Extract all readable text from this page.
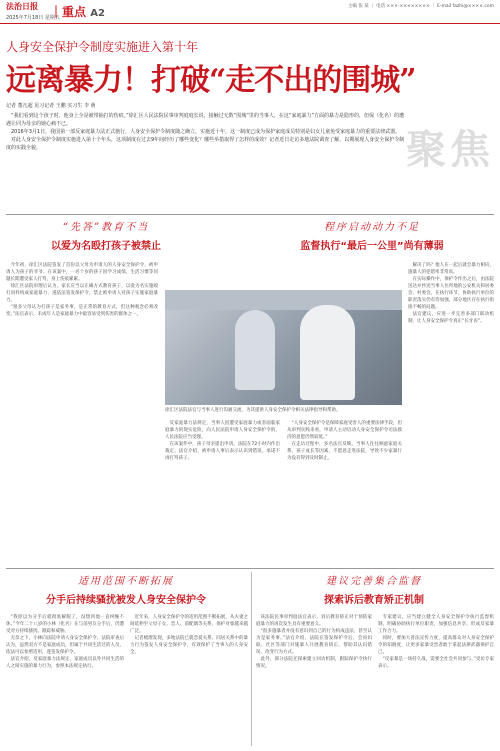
法治日报
2025年7月18日 星期五
｜重点 A2
主编 张 某 ｜ 电话 ×××-×××××××× ｜ E-mail fazhi@××××.com
人身安全保护令制度实施进入第十年
远离暴力！打破“走不出的围城”
记者 董凡超 见习记者 王鹏 实习生 李 萌

“我们看到这个孩子时，他身上全是被带抽打的伤痕。”徐汇区人民法院民事审判庭庭长说，接触过无数“围城”里的当事人，在这“家庭暴力”方面的暴力是隐形的，但保（化名）的遭遇让同为母亲的她心痛不已。

2016年3月1日，我国第一部反家庭暴力法正式施行，人身安全保护令制度随之确立，实施近十年，这一制度已成为保护家庭成员特别是妇女儿童免受家庭暴力的重要法律武器。

对此人身安全保护令制度实施进入第十个年头，这项制度在过去9年间经历了哪些变化？哪些举措取得了怎样的成效？记者近日走访多地法院调查了解，以期展现人身安全保护令制度的实践全貌。	聚焦
“先答”教育不当
以爱为名殴打孩子被禁止
程序启动动力不足
监督执行“最后一公里”尚有薄弱

今年初，徐汇区法院签发了首份以父母为申请人的人身安全保护令，被申请人为孩子的爷爷。在该案中，一名十岁的孩子因学习成绩、生活习惯等问题长期遭受家人打骂，身上伤痕累累。

徐汇区法院审理后认为，家长应当以正确方式教育孩子，以爱为名实施殴打同样构成家庭暴力，遂依法签发保护令，禁止被申请人对孩子实施家庭暴力。

“很多父母认为打孩子是家务事，是正常的教育方式，但这种观念必须改变。”法官表示，未成年人是家庭暴力中最容易受到伤害的群体之一。

徐汇区法院法官与当事人进行沟通交流，为其提供人身安全保护令相关法律指导和帮助。

反家庭暴力法规定，当事人因遭受家庭暴力或者面临家庭暴力的现实危险，向人民法院申请人身安全保护令的，人民法院应当受理。

在该案件中，孩子母亲提出申请，法院在72小时内作出裁定。法官介绍，被申请人事后表示认识到错误，承诺不再打骂孩子。

“人身安全保护令是保障家庭受害人的重要法律手段，但从审判实践来看，申请人主动启动人身安全保护令司法救济的意愿仍然较低。”

在走访过程中，多名法官反映，当事人往往顾虑家庭关系、孩子成长等因素，不愿意走进法院，导致不少家暴行为没有得到及时制止。

解决了吗？他人在一起后就会暴力相向，施暴人的犯错率非常高。

在实际操作中，保护令作出之后，由法院送达并抄送当事人住所地的公安机关和居委会、村委会。在执行环节，协助执行单位的职责落实仍有待加强，部分地区存在执行衔接不畅的问题。

法官建议，应进一步完善多部门联动机制，让人身安全保护令真正“长牙齿”。

适用范围不断拓展
分手后持续骚扰被发人身安全保护令
建议完善集合监督
探索诉后教育矫正机制

“我原以为分手后就彻底解脱了，没想到他一直纠缠不休。”今年二十八岁的小林（化名）在与前男友分手后，仍遭受对方持续骚扰、跟踪和威胁。

无奈之下，小林向法院申请人身安全保护令。法院审查后认为，虽然双方不是家庭成员，但属于共同生活过的人员，依法可以参照适用，遂签发保护令。

法官介绍，反家庭暴力法规定，家庭成员以外共同生活的人之间实施的暴力行为，参照本法规定执行。

近年来，人身安全保护令的适用范围不断拓展，从夫妻之间延伸至父母子女、恋人、前配偶等关系，保护对象越来越广泛。

记者梳理发现，多地法院已就恋爱关系、同居关系中的暴力行为签发人身安全保护令，有效保护了当事人的人身安全。

该法院民事审判庭法官表示，诉后教育矫正对于预防家庭暴力的再次发生具有重要意义。

“很多施暴者并没有意识到自己的行为构成违法，甚至认为是家务事。”法官介绍，法院在签发保护令后，会同妇联、社区等部门对施暴人开展教育矫正，帮助其认识错误、改变行为方式。

此外，部分法院还探索建立回访机制，跟踪保护令执行情况。

专家建议，应当建立健全人身安全保护令执行监督机制，明确协助执行单位职责，加强信息共享，形成反家暴工作合力。

同时，要加大普法宣传力度，提高群众对人身安全保护令的知晓度，让更多家暴受害者敢于拿起法律武器保护自己。

“反家暴是一场持久战，需要全社会共同参与。”受访专家表示。
